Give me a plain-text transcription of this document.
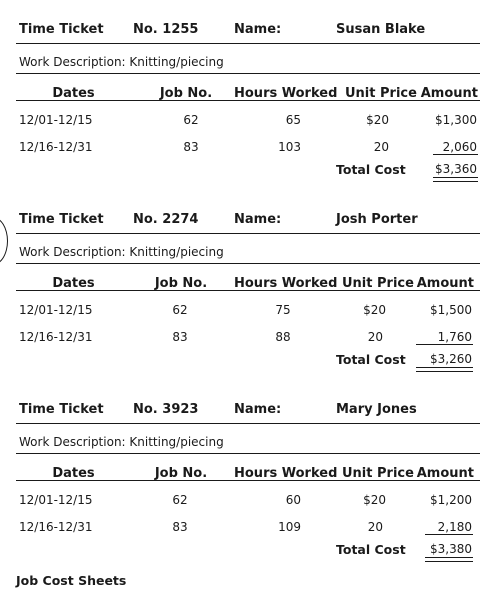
Time Ticket No. 1255	Name:	Susan Blake
Work Description: Knitting/piecing
Dates	Job No.	Hours Worked Unit Price Amount
12/01-12/15	62	65	$20	$1,300
12/16-12/31	83	103	20	2,060
Total Cost	$3,360
Time Ticket No. 2274	Name:	Josh Porter
Work Description: Knitting/piecing
Dates	Job No.	Hours Worked Unit Price Amount
12/01-12/15	62	75	$20	$1,500
12/16-12/31	83	88	20	1,760
Total Cost	$3,260
Time Ticket No. 3923	Name:	Mary Jones
Work Description: Knitting/piecing
Dates	Job No.	Hours Worked Unit Price Amount
12/01-12/15	62	60	$20	$1,200
12/16-12/31	83	109	20	2,180
Total Cost	$3,380
Job Cost Sheets
